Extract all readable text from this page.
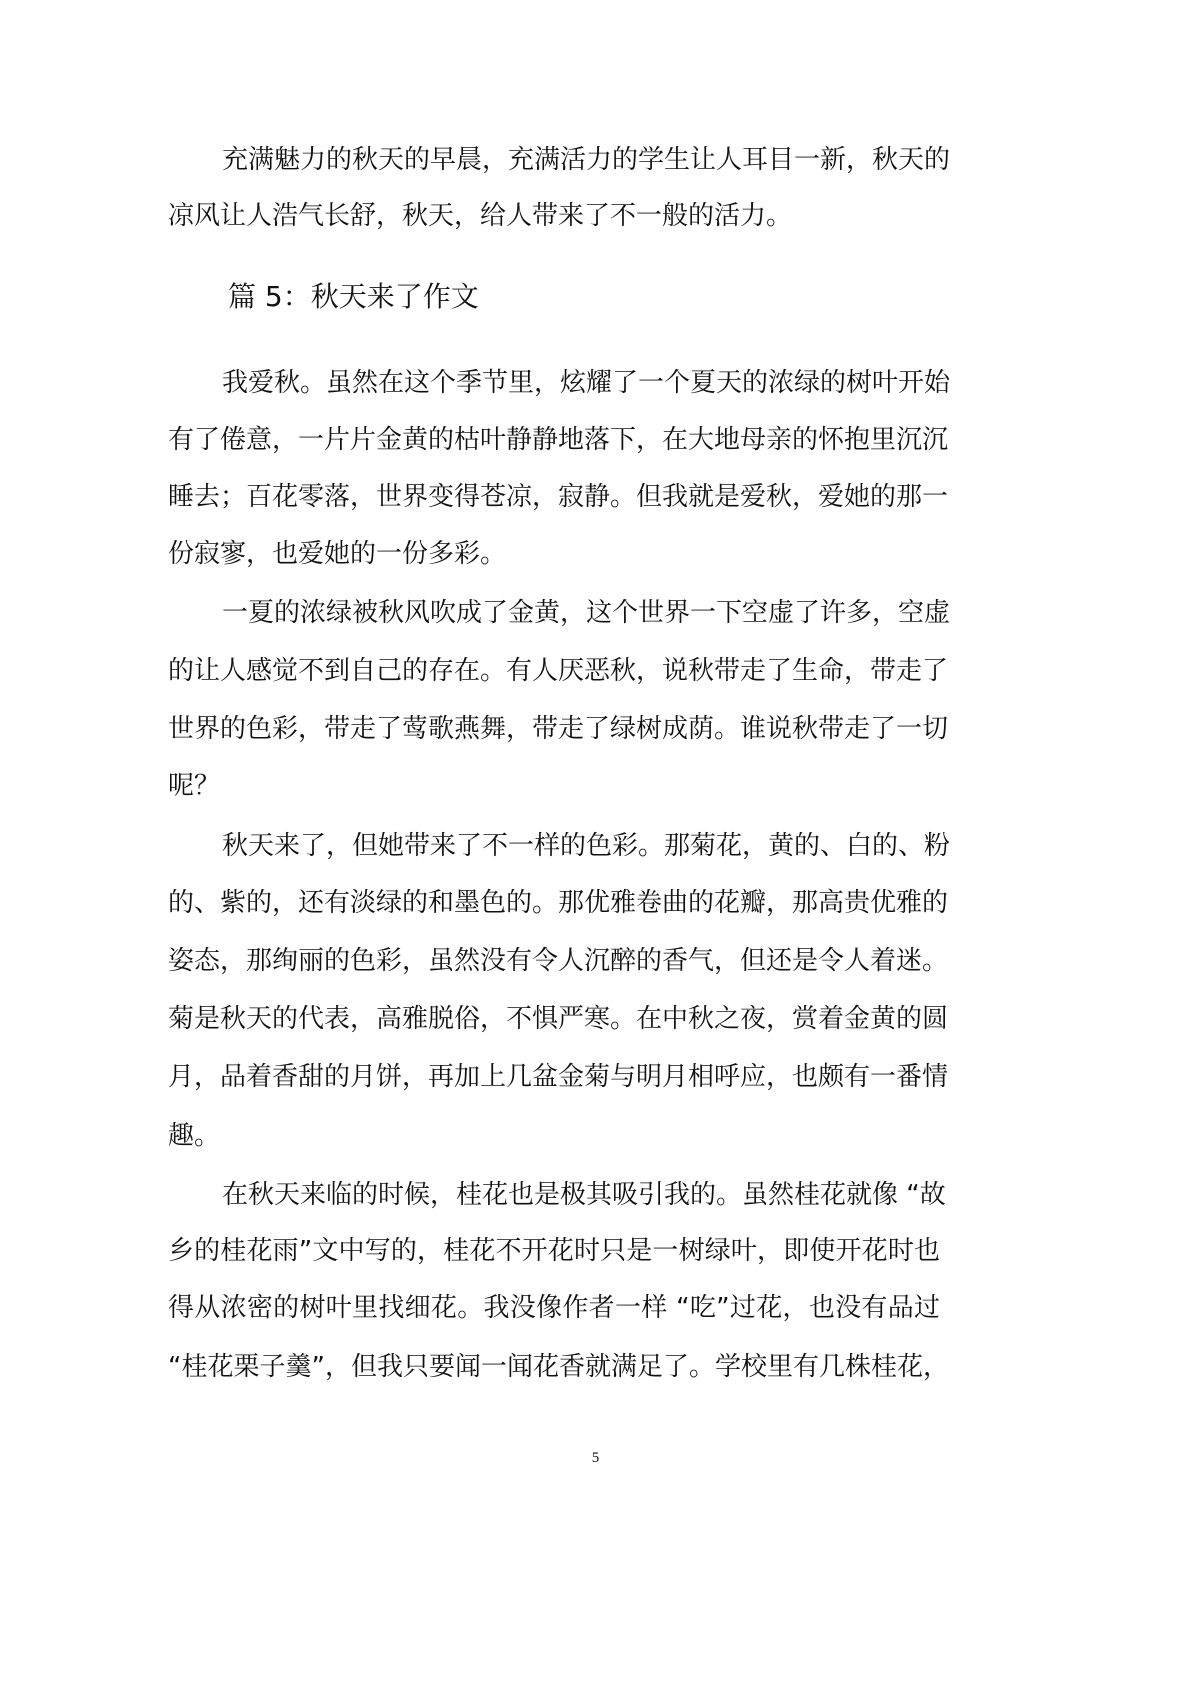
充满魅力的秋天的早晨，充满活力的学生让人耳目一新，秋天的
凉风让人浩气长舒，秋天，给人带来了不一般的活力。
篇 5：秋天来了作文
我爱秋。虽然在这个季节里，炫耀了一个夏天的浓绿的树叶开始
有了倦意，一片片金黄的枯叶静静地落下，在大地母亲的怀抱里沉沉
睡去；百花零落，世界变得苍凉，寂静。但我就是爱秋，爱她的那一
份寂寥，也爱她的一份多彩。
一夏的浓绿被秋风吹成了金黄，这个世界一下空虚了许多，空虚
的让人感觉不到自己的存在。有人厌恶秋，说秋带走了生命，带走了
世界的色彩，带走了莺歌燕舞，带走了绿树成荫。谁说秋带走了一切
呢？
秋天来了，但她带来了不一样的色彩。那菊花，黄的、白的、粉
的、紫的，还有淡绿的和墨色的。那优雅卷曲的花瓣，那高贵优雅的
姿态，那绚丽的色彩，虽然没有令人沉醉的香气，但还是令人着迷。
菊是秋天的代表，高雅脱俗，不惧严寒。在中秋之夜，赏着金黄的圆
月，品着香甜的月饼，再加上几盆金菊与明月相呼应，也颇有一番情
趣。
在秋天来临的时候，桂花也是极其吸引我的。虽然桂花就像 “故
乡的桂花雨”文中写的，桂花不开花时只是一树绿叶，即使开花时也
得从浓密的树叶里找细花。我没像作者一样 “吃”过花，也没有品过
“桂花栗子羹”，但我只要闻一闻花香就满足了。学校里有几株桂花，
5
